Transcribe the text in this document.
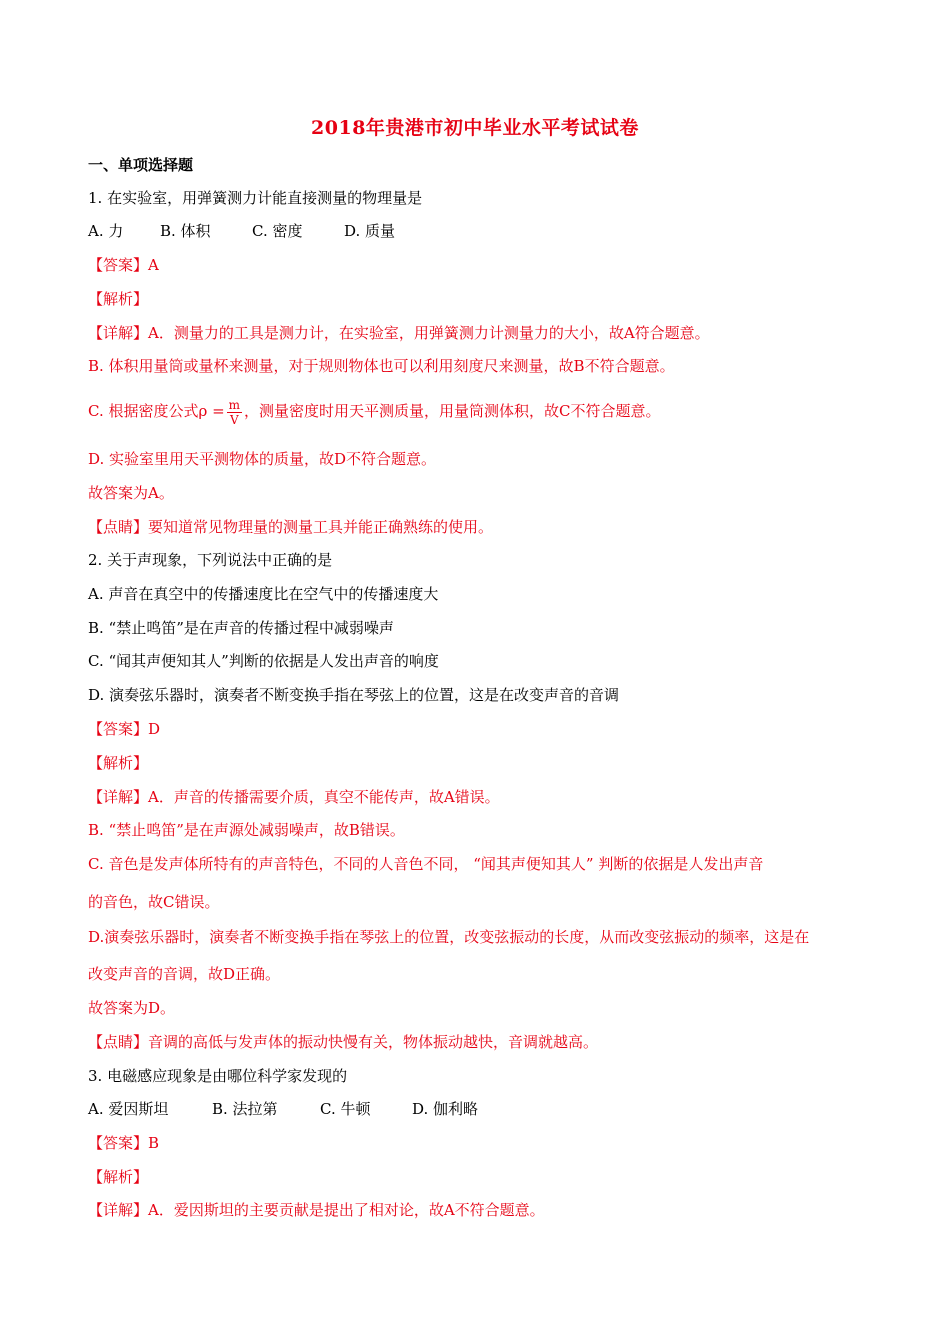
2018年贵港市初中毕业水平考试试卷
一、单项选择题
1. 在实验室，用弹簧测力计能直接测量的物理量是
A. 力 B. 体积	C. 密度	D. 质量
【答案】A
【解析】
【详解】A．测量力的工具是测力计，在实验室，用弹簧测力计测量力的大小，故A符合题意。
B. 体积用量筒或量杯来测量，对于规则物体也可以利用刻度尺来测量，故B不符合题意。
C. 根据密度公式$\rho = \frac{m}{V}$ ，测量密度时用天平测质量，用量筒测体积，故C不符合题意。
D. 实验室里用天平测物体的质量，故D不符合题意。
故答案为A。
【点睛】要知道常见物理量的测量工具并能正确熟练的使用。
2. 关于声现象，下列说法中正确的是
A. 声音在真空中的传播速度比在空气中的传播速度大
B. “禁止鸣笛”是在声音的传播过程中减弱噪声
C. “闻其声便知其人”判断的依据是人发出声音的响度
D. 演奏弦乐器时，演奏者不断变换手指在琴弦上的位置，这是在改变声音的音调
【答案】D
【解析】
【详解】A．声音的传播需要介质，真空不能传声，故A错误。
B. “禁止鸣笛”是在声源处减弱噪声，故B错误。
C. 音色是发声体所特有的声音特色，不同的人音色不同， “闻其声便知其人” 判断的依据是人发出声音
的音色，故C错误。
D.演奏弦乐器时，演奏者不断变换手指在琴弦上的位置，改变弦振动的长度，从而改变弦振动的频率，这是在
改变声音的音调，故D正确。
故答案为D。
【点睛】音调的高低与发声体的振动快慢有关，物体振动越快，音调就越高。
3. 电磁感应现象是由哪位科学家发现的
A. 爱因斯坦	B. 法拉第	C. 牛顿	D. 伽利略
【答案】B
【解析】
【详解】A．爱因斯坦的主要贡献是提出了相对论，故A不符合题意。
